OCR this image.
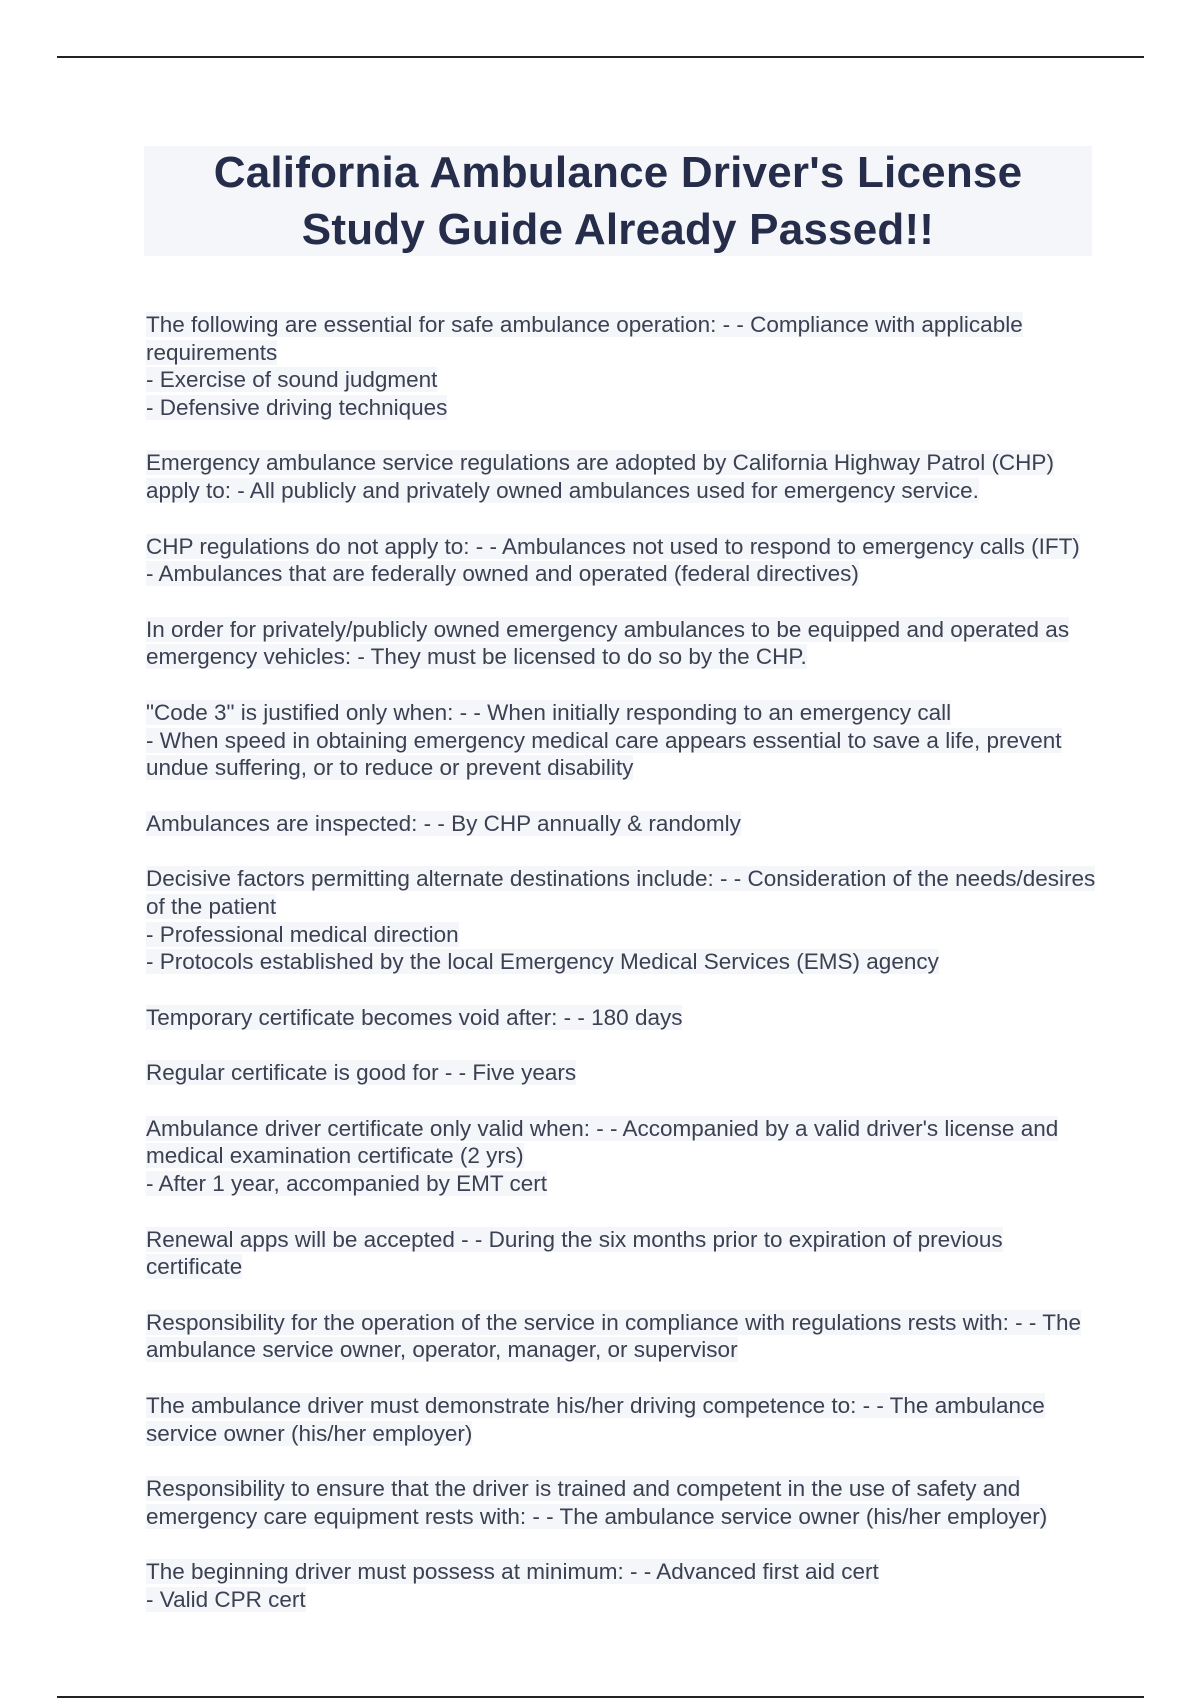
California Ambulance Driver's License
Study Guide Already Passed!!

The following are essential for safe ambulance operation: - - Compliance with applicable requirements
- Exercise of sound judgment
- Defensive driving techniques

Emergency ambulance service regulations are adopted by California Highway Patrol (CHP) apply to: - All publicly and privately owned ambulances used for emergency service.

CHP regulations do not apply to: - - Ambulances not used to respond to emergency calls (IFT)
- Ambulances that are federally owned and operated (federal directives)

In order for privately/publicly owned emergency ambulances to be equipped and operated as emergency vehicles: - They must be licensed to do so by the CHP.

"Code 3" is justified only when: - - When initially responding to an emergency call
- When speed in obtaining emergency medical care appears essential to save a life, prevent undue suffering, or to reduce or prevent disability

Ambulances are inspected: - - By CHP annually & randomly

Decisive factors permitting alternate destinations include: - - Consideration of the needs/desires of the patient
- Professional medical direction
- Protocols established by the local Emergency Medical Services (EMS) agency

Temporary certificate becomes void after: - - 180 days

Regular certificate is good for - - Five years

Ambulance driver certificate only valid when: - - Accompanied by a valid driver's license and medical examination certificate (2 yrs)
- After 1 year, accompanied by EMT cert

Renewal apps will be accepted - - During the six months prior to expiration of previous certificate

Responsibility for the operation of the service in compliance with regulations rests with: - - The ambulance service owner, operator, manager, or supervisor

The ambulance driver must demonstrate his/her driving competence to: - - The ambulance service owner (his/her employer)

Responsibility to ensure that the driver is trained and competent in the use of safety and emergency care equipment rests with: - - The ambulance service owner (his/her employer)

The beginning driver must possess at minimum: - - Advanced first aid cert
- Valid CPR cert
